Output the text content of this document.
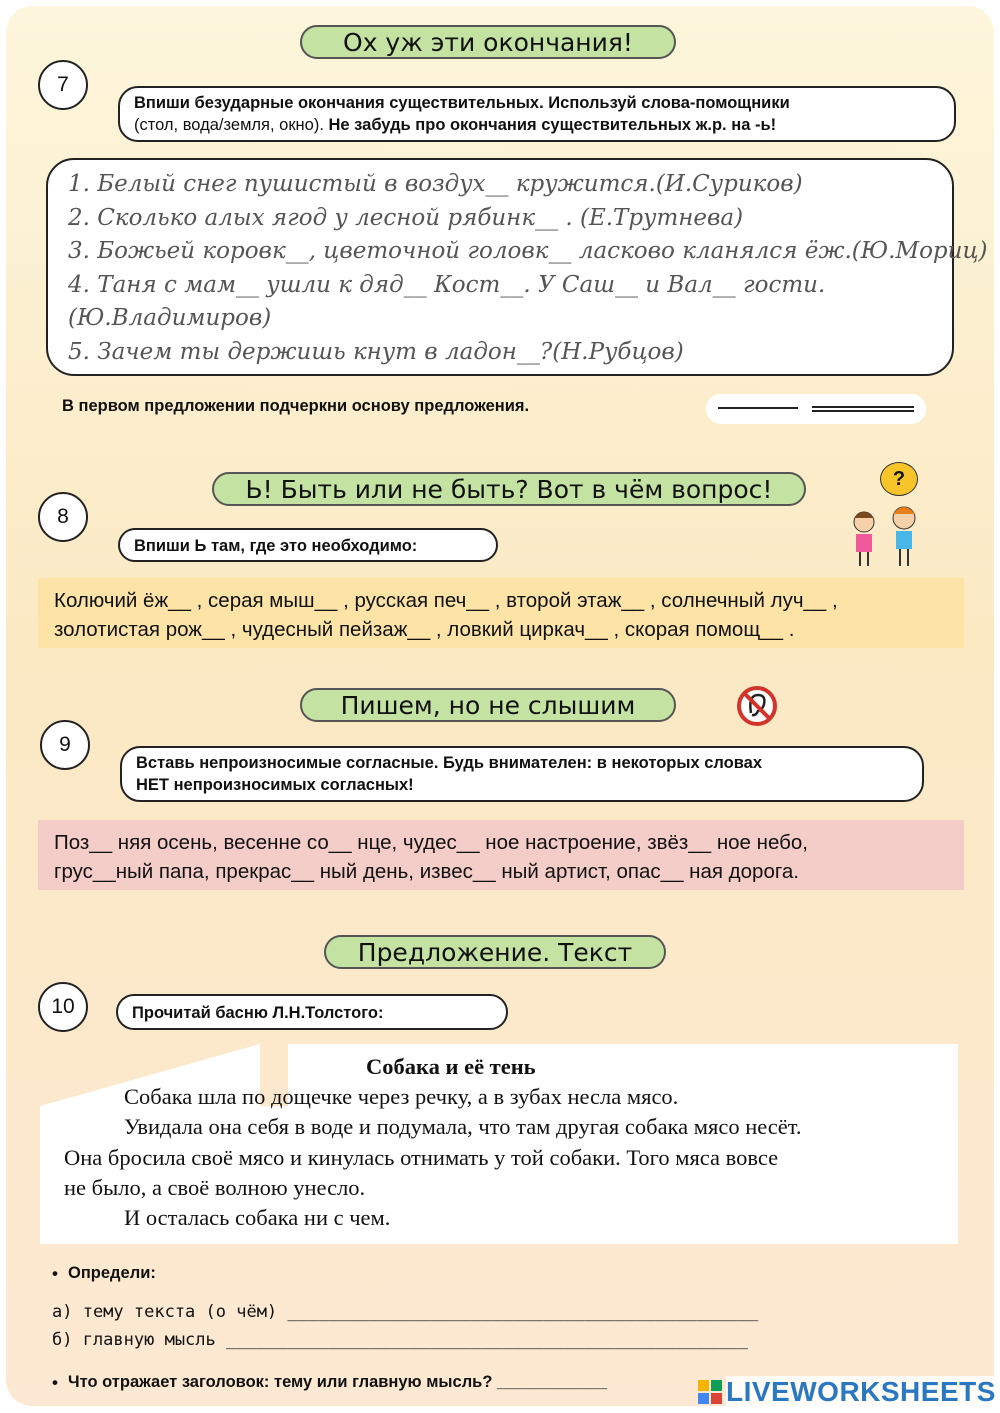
Ох уж эти окончания!
7
Впиши безударные окончания существительных. Используй слова-помощники
(стол, вода/земля, окно). Не забудь про окончания существительных ж.р. на -ь!
1. Белый снег пушистый в воздух__ кружится.(И.Суриков)
2. Сколько алых ягод у лесной рябинк__ . (Е.Трутнева)
3. Божьей коровк__, цветочной головк__ ласково кланялся ёж.(Ю.Мориц)
4. Таня с мам__ ушли к дяд__ Кост__. У Саш__ и Вал__ гости.
(Ю.Владимиров)
5. Зачем ты держишь кнут в ладон__?(Н.Рубцов)
В первом предложении подчеркни основу предложения.
Ь! Быть или не быть? Вот в чём вопрос!
8
Впиши Ь там, где это необходимо:
?
Колючий ёж__ , серая мыш__ , русская печ__ , второй этаж__ , солнечный луч__ ,
золотистая рож__ , чудесный пейзаж__ , ловкий циркач__ , скорая помощ__ .
Пишем, но не слышим
9
Вставь непроизносимые согласные. Будь внимателен: в некоторых словах
НЕТ непроизносимых согласных!
Поз__ няя осень, весенне со__ нце, чудес__ ное настроение, звёз__ ное небо,
грус__ный папа, прекрас__ ный день, извес__ ный артист, опас__ ная дорога.
Предложение. Текст
10	Прочитай басню Л.Н.Толстого:
Собака и её тень
Собака шла по дощечке через речку, а в зубах несла мясо.
Увидала она себя в воде и подумала, что там другая собака мясо несёт.
Она бросила своё мясо и кинулась отнимать у той собаки. Того мяса вовсе
не было, а своё волною унесло.
И осталась собака ни с чем.
• Определи:
а) тему текста (о чём) ______________________________________________
б) главную мысль ___________________________________________________
• Что отражает заголовок: тему или главную мысль? ____________	LIVEWORKSHEETS
